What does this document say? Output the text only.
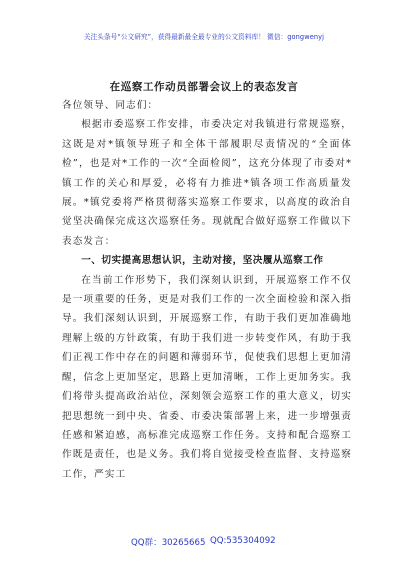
关注头条号“公文研究”，获得最新最全最专业的公文资料库！ 微信：gongwenyj
在巡察工作动员部署会议上的表态发言

各位领导、同志们：

根据市委巡察工作安排，市委决定对我镇进行常规巡察，这既是对*镇领导班子和全体干部履职尽责情况的“全面体检”，也是对*工作的一次“全面检阅”，这充分体现了市委对*镇工作的关心和厚爱，必将有力推进*镇各项工作高质量发展。*镇党委将严格贯彻落实巡察工作要求，以高度的政治自觉坚决确保完成这次巡察任务。现就配合做好巡察工作做以下表态发言：

一、切实提高思想认识，主动对接，坚决履从巡察工作

在当前工作形势下，我们深刻认识到，开展巡察工作不仅是一项重要的任务，更是对我们工作的一次全面检验和深入指导。我们深刻认识到，开展巡察工作，有助于我们更加准确地理解上级的方针政策，有助于我们进一步转变作风，有助于我们正视工作中存在的问题和薄弱环节，促使我们思想上更加清醒，信念上更加坚定，思路上更加清晰，工作上更加务实。我们将带头提高政治站位，深刻领会巡察工作的重大意义，切实把思想统一到中央、省委、市委决策部署上来，进一步增强责任感和紧迫感，高标准完成巡察工作任务。支持和配合巡察工作既是责任，也是义务。我们将自觉接受检查监督、支持巡察工作，严实工

QQ群：30265665 QQ:535304092
